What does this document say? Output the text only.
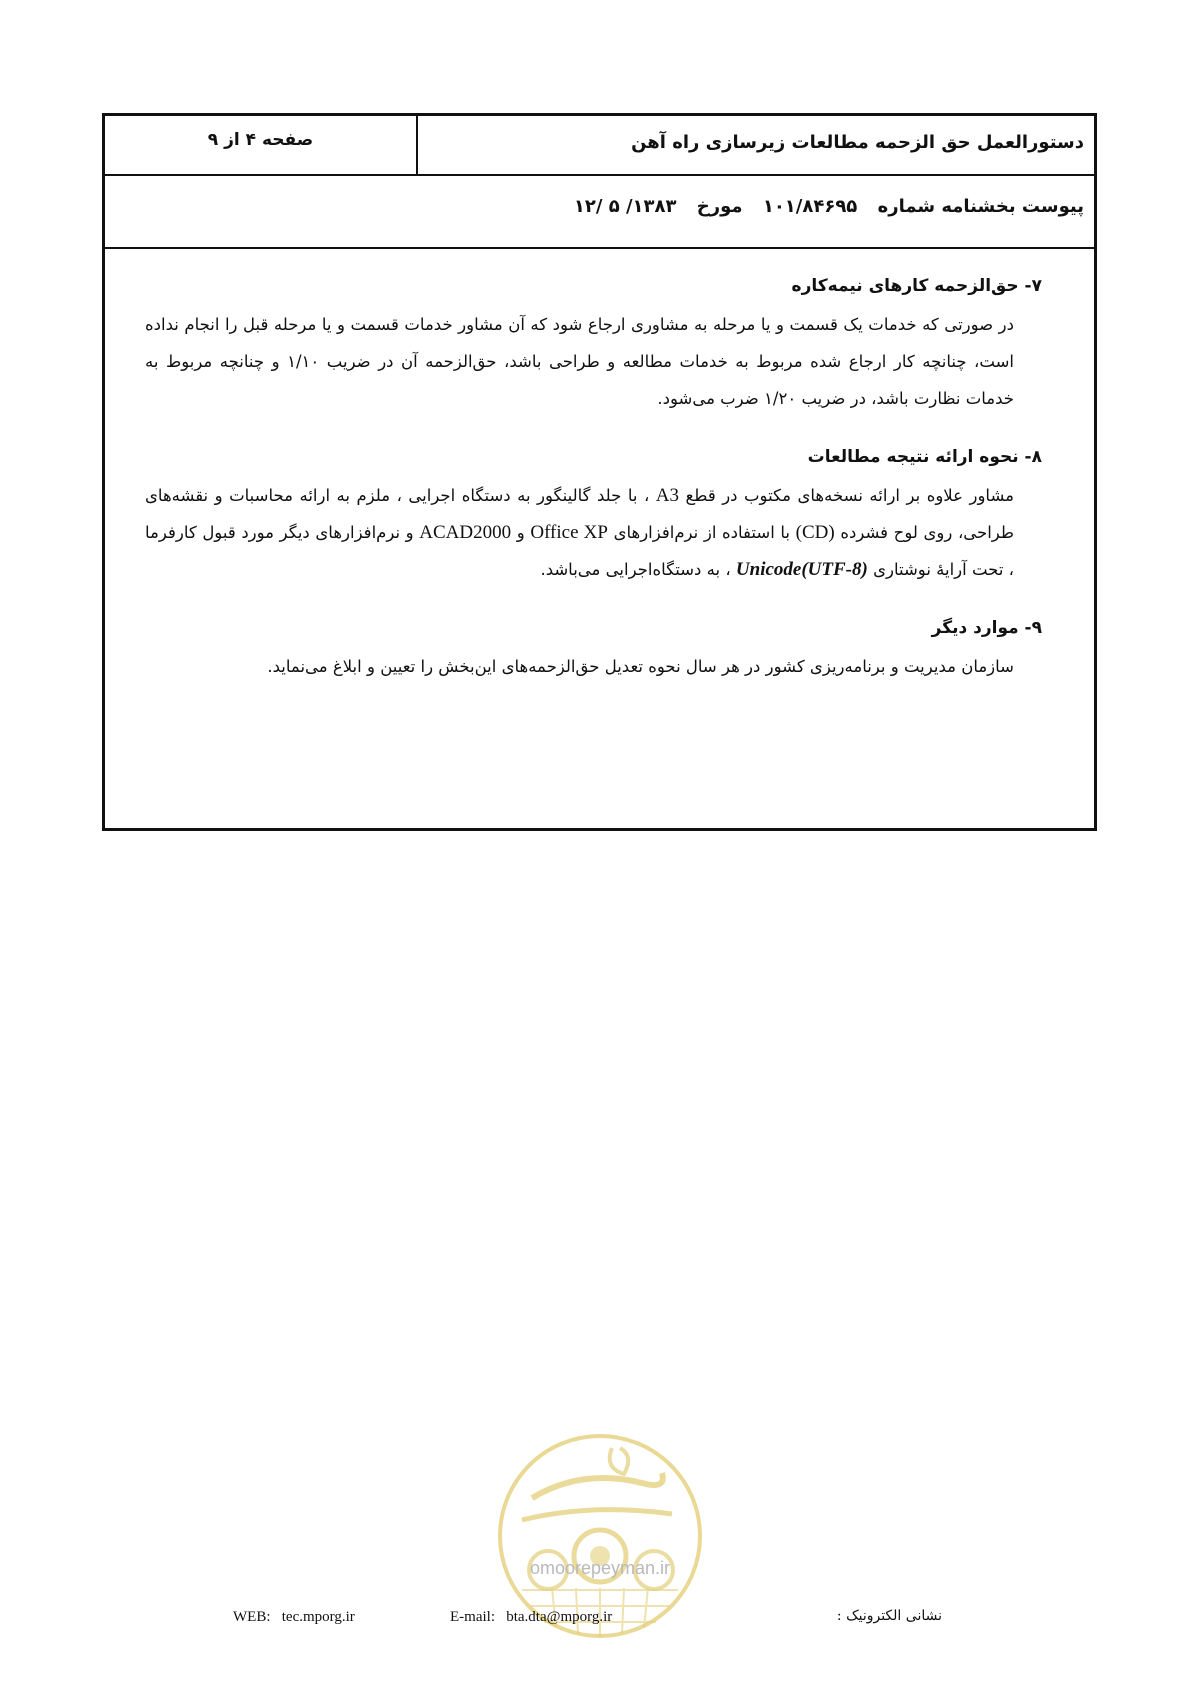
دستورالعمل حق الزحمه مطالعات زیرسازی راه آهن
صفحه ۴ از ۹
پیوست بخشنامه شماره ۱۰۱/۸۴۶۹۵ مورخ ۱۳۸۳/ ۵ /۱۲

۷- حق‌الزحمه کارهای نیمه‌کاره

در صورتی که خدمات یک قسمت و یا مرحله به مشاوری ارجاع شود که آن مشاور خدمات قسمت و یا مرحله قبل را انجام نداده است، چنانچه کار ارجاع شده مربوط به خدمات مطالعه و طراحی باشد، حق‌الزحمه آن در ضریب ۱/۱۰ و چنانچه مربوط به خدمات نظارت باشد، در ضریب ۱/۲۰ ضرب می‌شود.

۸- نحوه ارائه نتیجه مطالعات

مشاور علاوه بر ارائه نسخه‌های مکتوب در قطع A3 ، با جلد گالینگور به دستگاه اجرایی ، ملزم به ارائه محاسبات و نقشه‌های طراحی، روی لوح فشرده (CD) با استفاده از نرم‌افزارهای Office XP و ACAD2000 و نرم‌افزارهای دیگر مورد قبول کارفرما ، تحت آرایهٔ نوشتاری Unicode(UTF-8) ، به دستگاه‌اجرایی می‌باشد.

۹- موارد دیگر

سازمان مدیریت و برنامه‌ریزی کشور در هر سال نحوه تعدیل حق‌الزحمه‌های این‌بخش را تعیین و ابلاغ می‌نماید.

omoorepeyman.ir
WEB:   tec.mporg.ir	E-mail:   bta.dta@mporg.ir	نشانی الکترونیک :
